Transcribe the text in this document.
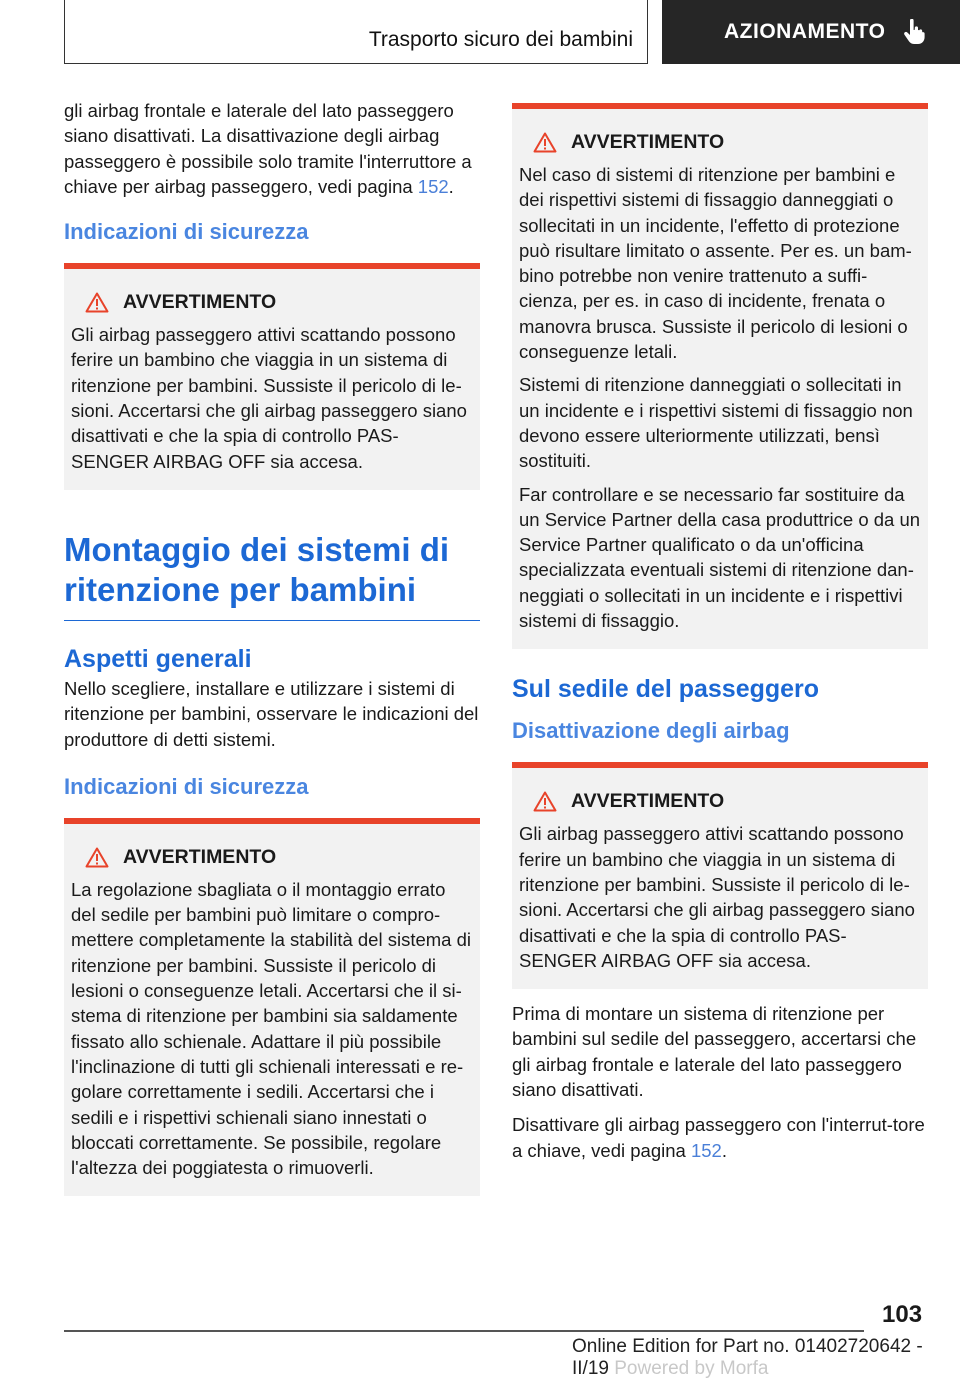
Trasporto sicuro dei bambini	AZIONAMENTO

gli airbag frontale e laterale del lato passeggero siano disattivati. La disattivazione degli airbag passeggero è possibile solo tramite l'interruttore a chiave per airbag passeggero, vedi pagina 152.

Indicazioni di sicurezza
AVVERTIMENTO

Gli airbag passeggero attivi scattando possono ferire un bambino che viaggia in un sistema di ritenzione per bambini. Sussiste il pericolo di le-sioni. Accertarsi che gli airbag passeggero siano disattivati e che la spia di controllo PAS-SENGER AIRBAG OFF sia accesa.

Montaggio dei sistemi di ritenzione per bambini
Aspetti generali

Nello scegliere, installare e utilizzare i sistemi di ritenzione per bambini, osservare le indicazioni del produttore di detti sistemi.

Indicazioni di sicurezza
AVVERTIMENTO

La regolazione sbagliata o il montaggio errato del sedile per bambini può limitare o compro-mettere completamente la stabilità del sistema di ritenzione per bambini. Sussiste il pericolo di lesioni o conseguenze letali. Accertarsi che il si-stema di ritenzione per bambini sia saldamente fissato allo schienale. Adattare il più possibile l'inclinazione di tutti gli schienali interessati e re-golare correttamente i sedili. Accertarsi che i sedili e i rispettivi schienali siano innestati o bloccati correttamente. Se possibile, regolare l'altezza dei poggiatesta o rimuoverli.

AVVERTIMENTO

Nel caso di sistemi di ritenzione per bambini e dei rispettivi sistemi di fissaggio danneggiati o sollecitati in un incidente, l'effetto di protezione può risultare limitato o assente. Per es. un bam-bino potrebbe non venire trattenuto a suffi-cienza, per es. in caso di incidente, frenata o manovra brusca. Sussiste il pericolo di lesioni o conseguenze letali.

Sistemi di ritenzione danneggiati o sollecitati in un incidente e i rispettivi sistemi di fissaggio non devono essere ulteriormente utilizzati, bensì sostituiti.

Far controllare e se necessario far sostituire da un Service Partner della casa produttrice o da un Service Partner qualificato o da un'officina specializzata eventuali sistemi di ritenzione dan-neggiati o sollecitati in un incidente e i rispettivi sistemi di fissaggio.

Sul sedile del passeggero
Disattivazione degli airbag
AVVERTIMENTO

Gli airbag passeggero attivi scattando possono ferire un bambino che viaggia in un sistema di ritenzione per bambini. Sussiste il pericolo di le-sioni. Accertarsi che gli airbag passeggero siano disattivati e che la spia di controllo PAS-SENGER AIRBAG OFF sia accesa.

Prima di montare un sistema di ritenzione per bambini sul sedile del passeggero, accertarsi che gli airbag frontale e laterale del lato passeggero siano disattivati.

Disattivare gli airbag passeggero con l'interrut-tore a chiave, vedi pagina 152.

103
Online Edition for Part no. 01402720642 - II/19 Powered by Morfa
